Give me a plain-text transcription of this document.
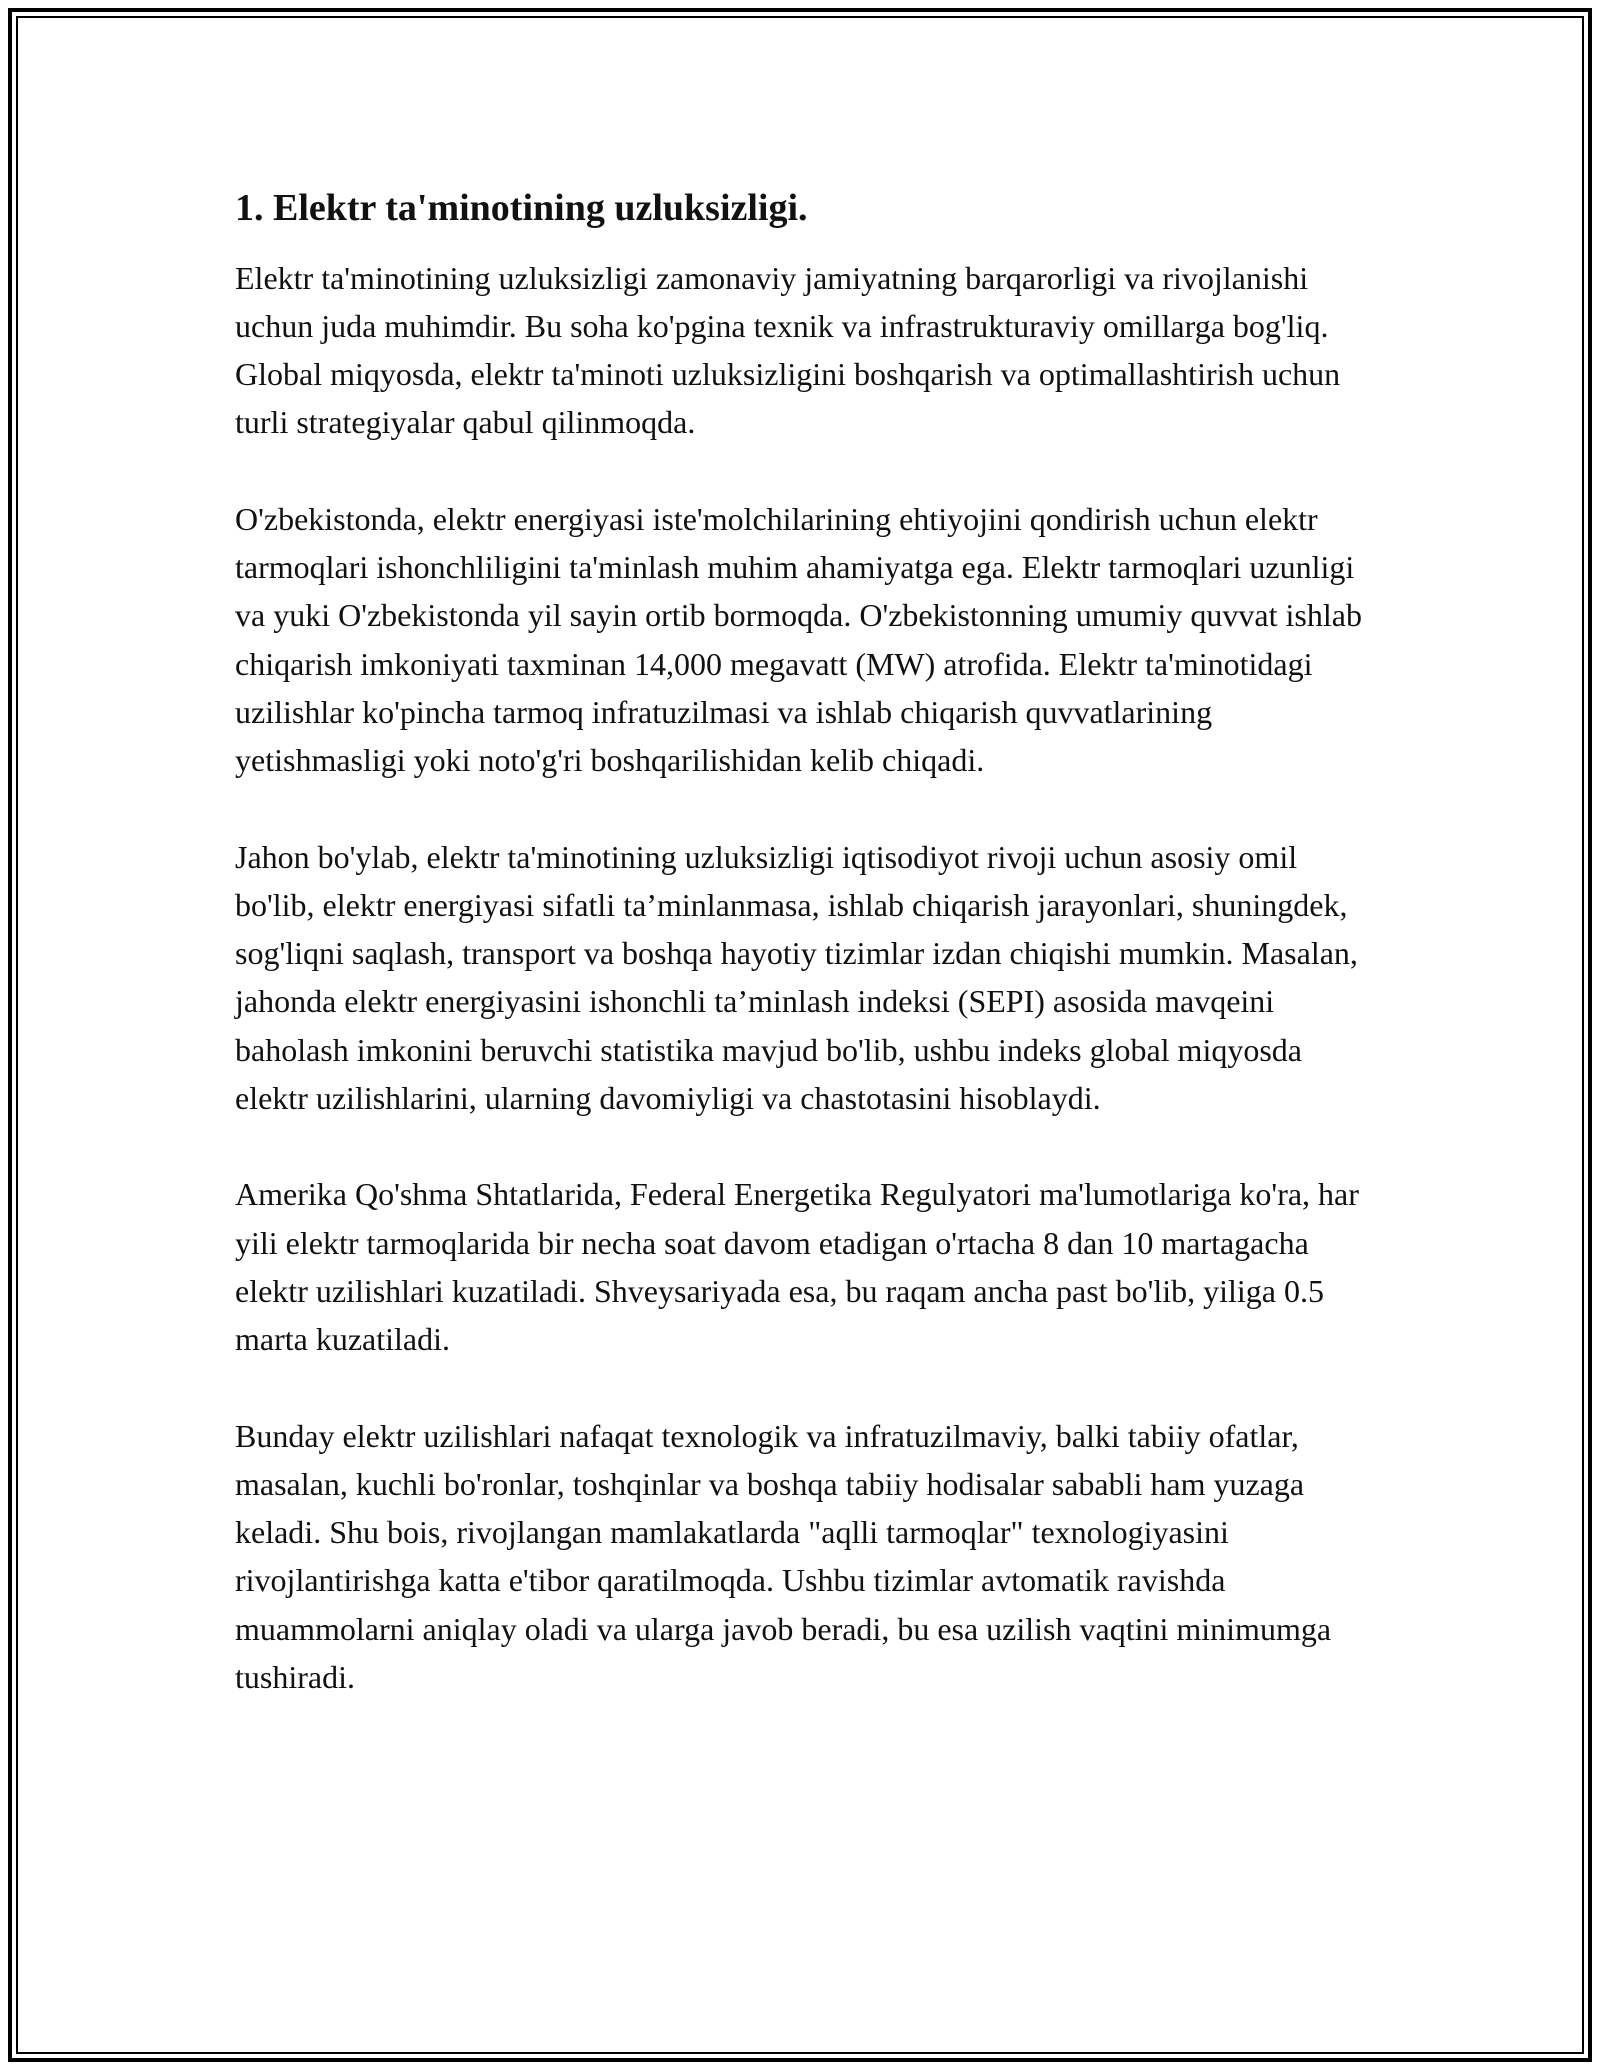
1. Elektr ta'minotining uzluksizligi.

Elektr ta'minotining uzluksizligi zamonaviy jamiyatning barqarorligi va rivojlanishi uchun juda muhimdir. Bu soha ko'pgina texnik va infrastrukturaviy omillarga bog'liq. Global miqyosda, elektr ta'minoti uzluksizligini boshqarish va optimallashtirish uchun turli strategiyalar qabul qilinmoqda.

O'zbekistonda, elektr energiyasi iste'molchilarining ehtiyojini qondirish uchun elektr tarmoqlari ishonchliligini ta'minlash muhim ahamiyatga ega. Elektr tarmoqlari uzunligi va yuki O'zbekistonda yil sayin ortib bormoqda. O'zbekistonning umumiy quvvat ishlab chiqarish imkoniyati taxminan 14,000 megavatt (MW) atrofida. Elektr ta'minotidagi uzilishlar ko'pincha tarmoq infratuzilmasi va ishlab chiqarish quvvatlarining yetishmasligi yoki noto'g'ri boshqarilishidan kelib chiqadi.

Jahon bo'ylab, elektr ta'minotining uzluksizligi iqtisodiyot rivoji uchun asosiy omil bo'lib, elektr energiyasi sifatli ta’minlanmasa, ishlab chiqarish jarayonlari, shuningdek, sog'liqni saqlash, transport va boshqa hayotiy tizimlar izdan chiqishi mumkin. Masalan, jahonda elektr energiyasini ishonchli ta’minlash indeksi (SEPI) asosida mavqeini baholash imkonini beruvchi statistika mavjud bo'lib, ushbu indeks global miqyosda elektr uzilishlarini, ularning davomiyligi va chastotasini hisoblaydi.

Amerika Qo'shma Shtatlarida, Federal Energetika Regulyatori ma'lumotlariga ko'ra, har yili elektr tarmoqlarida bir necha soat davom etadigan o'rtacha 8 dan 10 martagacha elektr uzilishlari kuzatiladi. Shveysariyada esa, bu raqam ancha past bo'lib, yiliga 0.5 marta kuzatiladi.

Bunday elektr uzilishlari nafaqat texnologik va infratuzilmaviy, balki tabiiy ofatlar, masalan, kuchli bo'ronlar, toshqinlar va boshqa tabiiy hodisalar sababli ham yuzaga keladi. Shu bois, rivojlangan mamlakatlarda "aqlli tarmoqlar" texnologiyasini rivojlantirishga katta e'tibor qaratilmoqda. Ushbu tizimlar avtomatik ravishda muammolarni aniqlay oladi va ularga javob beradi, bu esa uzilish vaqtini minimumga tushiradi.
